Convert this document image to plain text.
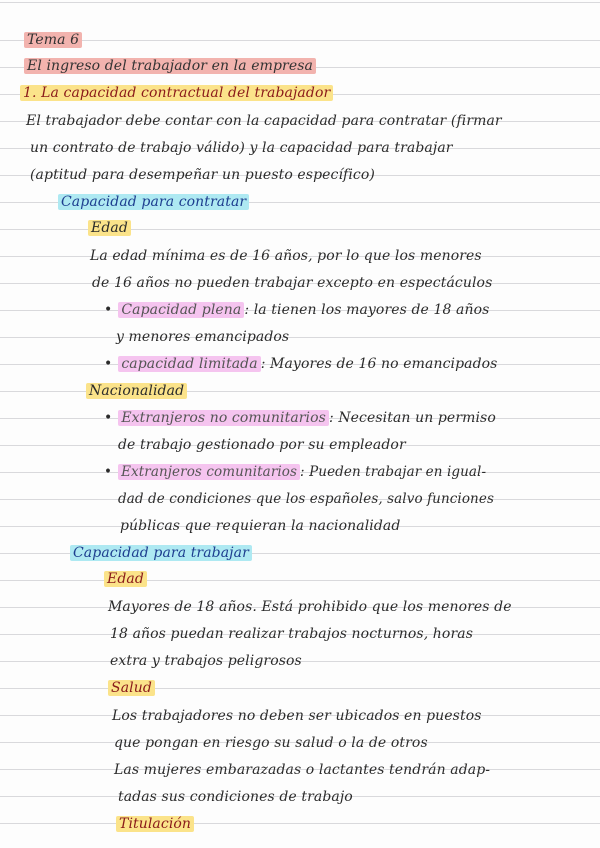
Tema 6
El ingreso del trabajador en la empresa
1. La capacidad contractual del trabajador
El trabajador debe contar con la capacidad para contratar (firmar
un contrato de trabajo válido) y la capacidad para trabajar
(aptitud para desempeñar un puesto específico)
Capacidad para contratar
Edad
La edad mínima es de 16 años, por lo que los menores
de 16 años no pueden trabajar excepto en espectáculos
• Capacidad plena : la tienen los mayores de 18 años
y menores emancipados
• capacidad limitada : Mayores de 16 no emancipados
Nacionalidad
• Extranjeros no comunitarios : Necesitan un permiso
de trabajo gestionado por su empleador
• Extranjeros comunitarios : Pueden trabajar en igual-
dad de condiciones que los españoles, salvo funciones
públicas que requieran la nacionalidad
Capacidad para trabajar
Edad
Mayores de 18 años. Está prohibido que los menores de
18 años puedan realizar trabajos nocturnos, horas
extra y trabajos peligrosos
Salud
Los trabajadores no deben ser ubicados en puestos
que pongan en riesgo su salud o la de otros
Las mujeres embarazadas o lactantes tendrán adap-
tadas sus condiciones de trabajo
Titulación
